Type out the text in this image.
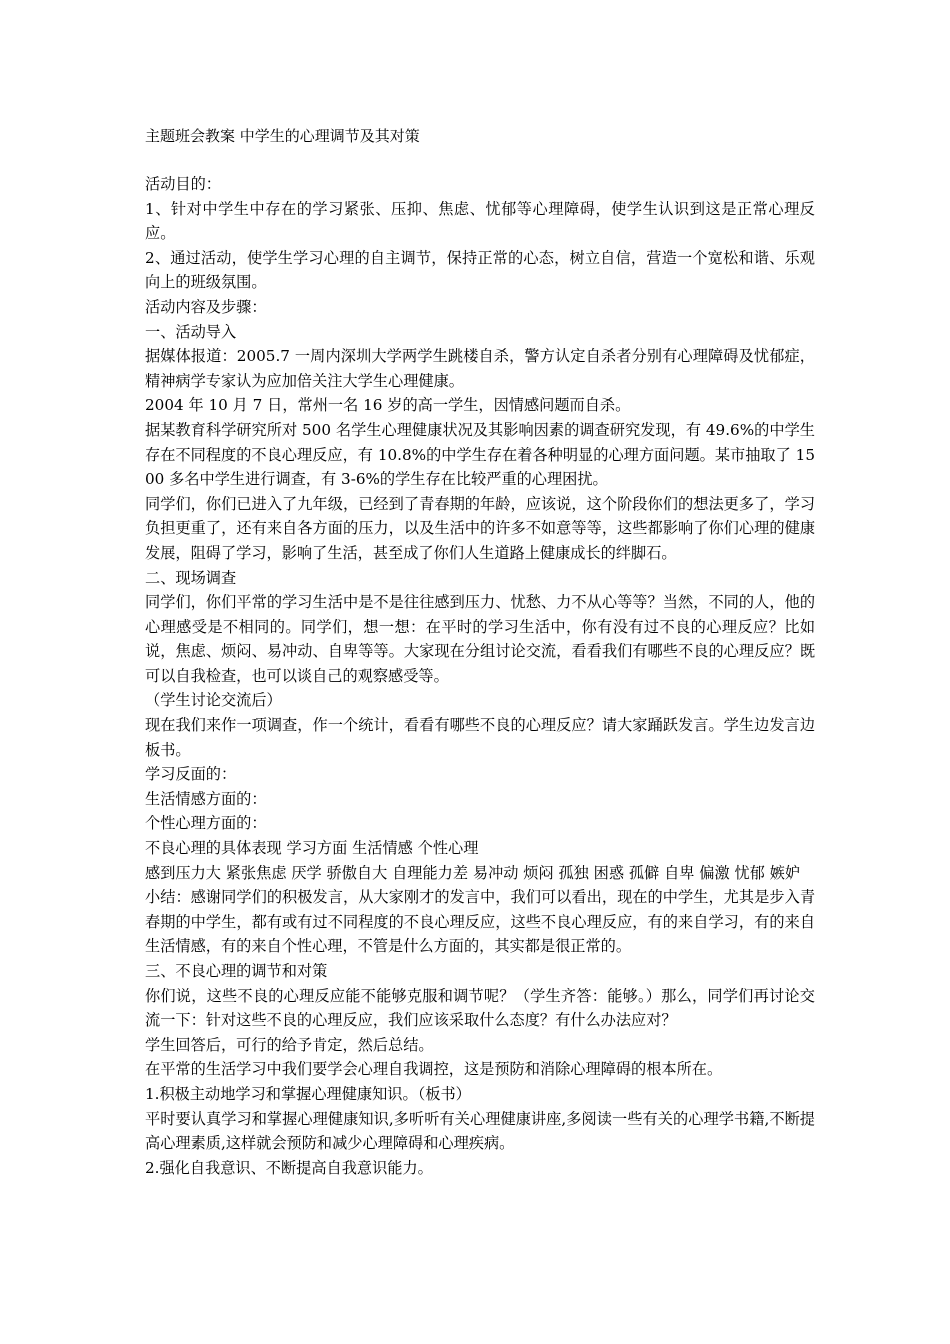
主题班会教案 中学生的心理调节及其对策

活动目的：

1、针对中学生中存在的学习紧张、压抑、焦虑、忧郁等心理障碍，使学生认识到这是正常心理反应。

2、通过活动，使学生学习心理的自主调节，保持正常的心态，树立自信，营造一个宽松和谐、乐观向上的班级氛围。

活动内容及步骤：

一、活动导入

据媒体报道：2005.7 一周内深圳大学两学生跳楼自杀，警方认定自杀者分别有心理障碍及忧郁症，精神病学专家认为应加倍关注大学生心理健康。

2004 年 10 月 7 日，常州一名 16 岁的高一学生，因情感问题而自杀。

据某教育科学研究所对 500 名学生心理健康状况及其影响因素的调查研究发现，有 49.6%的中学生存在不同程度的不良心理反应，有 10.8%的中学生存在着各种明显的心理方面问题。某市抽取了 1500 多名中学生进行调查，有 3-6%的学生存在比较严重的心理困扰。

同学们，你们已进入了九年级，已经到了青春期的年龄，应该说，这个阶段你们的想法更多了，学习负担更重了，还有来自各方面的压力，以及生活中的许多不如意等等，这些都影响了你们心理的健康发展，阻碍了学习，影响了生活，甚至成了你们人生道路上健康成长的绊脚石。

二、现场调查

同学们，你们平常的学习生活中是不是往往感到压力、忧愁、力不从心等等？当然，不同的人，他的心理感受是不相同的。同学们，想一想：在平时的学习生活中，你有没有过不良的心理反应？比如说，焦虑、烦闷、易冲动、自卑等等。大家现在分组讨论交流，看看我们有哪些不良的心理反应？既可以自我检查，也可以谈自己的观察感受等。

（学生讨论交流后）

现在我们来作一项调查，作一个统计，看看有哪些不良的心理反应？请大家踊跃发言。学生边发言边板书。

学习反面的：

生活情感方面的：

个性心理方面的：

不良心理的具体表现 学习方面 生活情感 个性心理

感到压力大 紧张焦虑 厌学 骄傲自大 自理能力差 易冲动 烦闷 孤独 困惑 孤僻 自卑 偏激 忧郁 嫉妒

小结：感谢同学们的积极发言，从大家刚才的发言中，我们可以看出，现在的中学生，尤其是步入青春期的中学生，都有或有过不同程度的不良心理反应，这些不良心理反应，有的来自学习，有的来自生活情感，有的来自个性心理，不管是什么方面的，其实都是很正常的。

三、不良心理的调节和对策

你们说，这些不良的心理反应能不能够克服和调节呢？（学生齐答：能够。）那么，同学们再讨论交流一下：针对这些不良的心理反应，我们应该采取什么态度？有什么办法应对？

学生回答后，可行的给予肯定，然后总结。

在平常的生活学习中我们要学会心理自我调控，这是预防和消除心理障碍的根本所在。

1.积极主动地学习和掌握心理健康知识。（板书）

平时要认真学习和掌握心理健康知识,多听听有关心理健康讲座,多阅读一些有关的心理学书籍,不断提高心理素质,这样就会预防和减少心理障碍和心理疾病。

2.强化自我意识、不断提高自我意识能力。
